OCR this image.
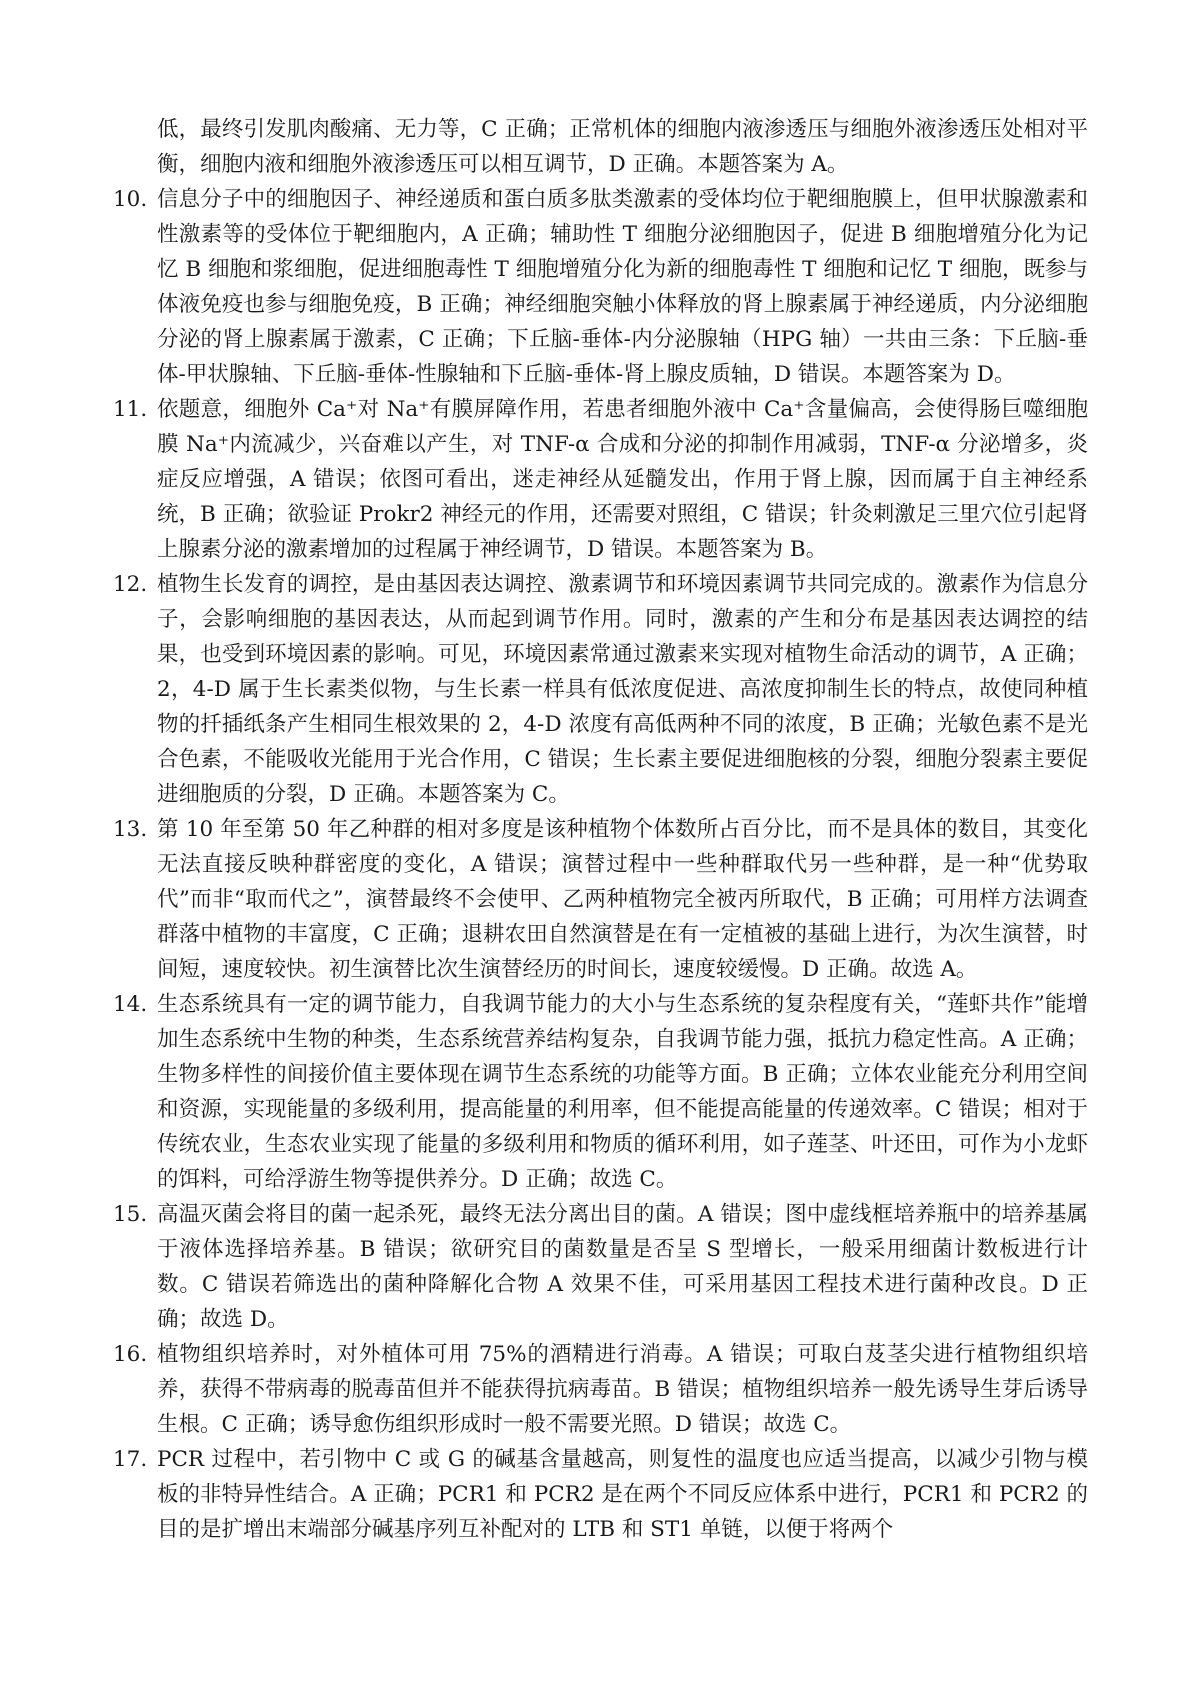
低，最终引发肌肉酸痛、无力等，C 正确；正常机体的细胞内液渗透压与细胞外液渗透压处相对平衡，细胞内液和细胞外液渗透压可以相互调节，D 正确。本题答案为 A。
10. 信息分子中的细胞因子、神经递质和蛋白质多肽类激素的受体均位于靶细胞膜上，但甲状腺激素和性激素等的受体位于靶细胞内，A 正确；辅助性 T 细胞分泌细胞因子，促进 B 细胞增殖分化为记忆 B 细胞和浆细胞，促进细胞毒性 T 细胞增殖分化为新的细胞毒性 T 细胞和记忆 T 细胞，既参与体液免疫也参与细胞免疫，B 正确；神经细胞突触小体释放的肾上腺素属于神经递质，内分泌细胞分泌的肾上腺素属于激素，C 正确；下丘脑-垂体-内分泌腺轴（HPG 轴）一共由三条：下丘脑-垂体-甲状腺轴、下丘脑-垂体-性腺轴和下丘脑-垂体-肾上腺皮质轴，D 错误。本题答案为 D。
11. 依题意，细胞外 Ca⁺对 Na⁺有膜屏障作用，若患者细胞外液中 Ca⁺含量偏高，会使得肠巨噬细胞膜 Na⁺内流减少，兴奋难以产生，对 TNF-α 合成和分泌的抑制作用减弱，TNF-α 分泌增多，炎症反应增强，A 错误；依图可看出，迷走神经从延髓发出，作用于肾上腺，因而属于自主神经系统，B 正确；欲验证 Prokr2 神经元的作用，还需要对照组，C 错误；针灸刺激足三里穴位引起肾上腺素分泌的激素增加的过程属于神经调节，D 错误。本题答案为 B。
12. 植物生长发育的调控，是由基因表达调控、激素调节和环境因素调节共同完成的。激素作为信息分子，会影响细胞的基因表达，从而起到调节作用。同时，激素的产生和分布是基因表达调控的结果，也受到环境因素的影响。可见，环境因素常通过激素来实现对植物生命活动的调节，A 正确；2，4-D 属于生长素类似物，与生长素一样具有低浓度促进、高浓度抑制生长的特点，故使同种植物的扦插纸条产生相同生根效果的 2，4-D 浓度有高低两种不同的浓度，B 正确；光敏色素不是光合色素，不能吸收光能用于光合作用，C 错误；生长素主要促进细胞核的分裂，细胞分裂素主要促进细胞质的分裂，D 正确。本题答案为 C。
13. 第 10 年至第 50 年乙种群的相对多度是该种植物个体数所占百分比，而不是具体的数目，其变化无法直接反映种群密度的变化，A 错误；演替过程中一些种群取代另一些种群，是一种“优势取代”而非“取而代之”，演替最终不会使甲、乙两种植物完全被丙所取代，B 正确；可用样方法调查群落中植物的丰富度，C 正确；退耕农田自然演替是在有一定植被的基础上进行，为次生演替，时间短，速度较快。初生演替比次生演替经历的时间长，速度较缓慢。D 正确。故选 A。
14. 生态系统具有一定的调节能力，自我调节能力的大小与生态系统的复杂程度有关，“莲虾共作”能增加生态系统中生物的种类，生态系统营养结构复杂，自我调节能力强，抵抗力稳定性高。A 正确；生物多样性的间接价值主要体现在调节生态系统的功能等方面。B 正确；立体农业能充分利用空间和资源，实现能量的多级利用，提高能量的利用率，但不能提高能量的传递效率。C 错误；相对于传统农业，生态农业实现了能量的多级利用和物质的循环利用，如子莲茎、叶还田，可作为小龙虾的饵料，可给浮游生物等提供养分。D 正确；故选 C。
15. 高温灭菌会将目的菌一起杀死，最终无法分离出目的菌。A 错误；图中虚线框培养瓶中的培养基属于液体选择培养基。B 错误；欲研究目的菌数量是否呈 S 型增长，一般采用细菌计数板进行计数。C 错误若筛选出的菌种降解化合物 A 效果不佳，可采用基因工程技术进行菌种改良。D 正确；故选 D。
16. 植物组织培养时，对外植体可用 75%的酒精进行消毒。A 错误；可取白芨茎尖进行植物组织培养，获得不带病毒的脱毒苗但并不能获得抗病毒苗。B 错误；植物组织培养一般先诱导生芽后诱导生根。C 正确；诱导愈伤组织形成时一般不需要光照。D 错误；故选 C。
17. PCR 过程中，若引物中 C 或 G 的碱基含量越高，则复性的温度也应适当提高，以减少引物与模板的非特异性结合。A 正确；PCR1 和 PCR2 是在两个不同反应体系中进行，PCR1 和 PCR2 的目的是扩增出末端部分碱基序列互补配对的 LTB 和 ST1 单链，以便于将两个
